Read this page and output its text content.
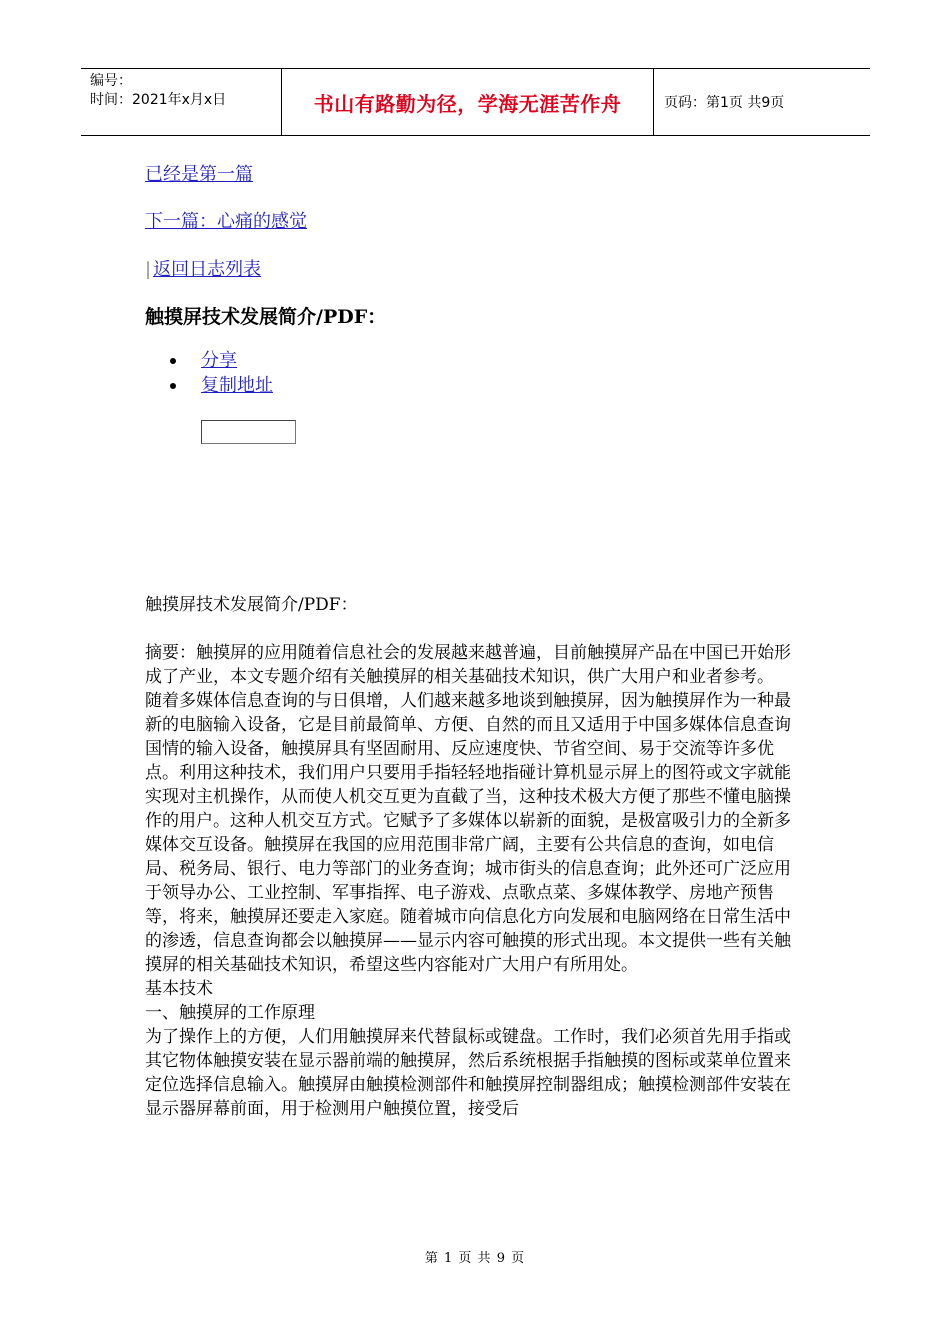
编号：
时间：2021年x月x日	书山有路勤为径，学海无涯苦作舟	页码：第1页 共9页
已经是第一篇
下一篇：心痛的感觉
| 返回日志列表
触摸屏技术发展简介/PDF：
分享
复制地址

触摸屏技术发展简介/PDF：

摘要：触摸屏的应用随着信息社会的发展越来越普遍，目前触摸屏产品在中国已开始形成了产业，本文专题介绍有关触摸屏的相关基础技术知识，供广大用户和业者参考。

随着多媒体信息查询的与日俱增，人们越来越多地谈到触摸屏，因为触摸屏作为一种最新的电脑输入设备，它是目前最简单、方便、自然的而且又适用于中国多媒体信息查询国情的输入设备，触摸屏具有坚固耐用、反应速度快、节省空间、易于交流等许多优点。利用这种技术，我们用户只要用手指轻轻地指碰计算机显示屏上的图符或文字就能实现对主机操作，从而使人机交互更为直截了当，这种技术极大方便了那些不懂电脑操作的用户。这种人机交互方式。它赋予了多媒体以崭新的面貌，是极富吸引力的全新多媒体交互设备。触摸屏在我国的应用范围非常广阔，主要有公共信息的查询，如电信局、税务局、银行、电力等部门的业务查询；城市街头的信息查询；此外还可广泛应用于领导办公、工业控制、军事指挥、电子游戏、点歌点菜、多媒体教学、房地产预售等，将来，触摸屏还要走入家庭。随着城市向信息化方向发展和电脑网络在日常生活中的渗透，信息查询都会以触摸屏——显示内容可触摸的形式出现。本文提供一些有关触摸屏的相关基础技术知识，希望这些内容能对广大用户有所用处。

基本技术

一、触摸屏的工作原理

为了操作上的方便，人们用触摸屏来代替鼠标或键盘。工作时，我们必须首先用手指或其它物体触摸安装在显示器前端的触摸屏，然后系统根据手指触摸的图标或菜单位置来定位选择信息输入。触摸屏由触摸检测部件和触摸屏控制器组成；触摸检测部件安装在显示器屏幕前面，用于检测用户触摸位置，接受后

第 1 页 共 9 页
